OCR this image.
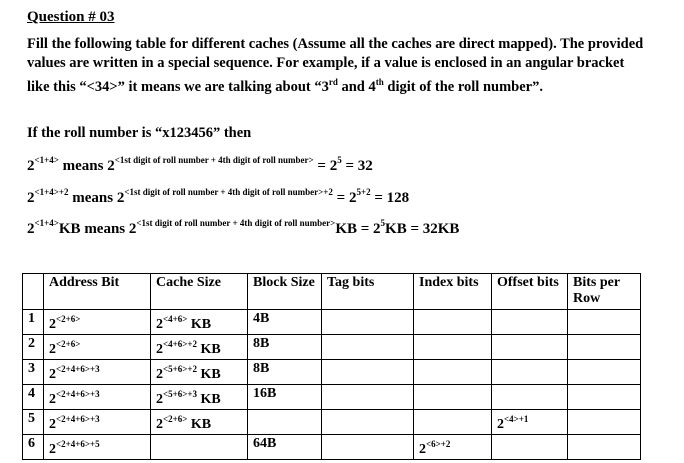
Question # 03
Fill the following table for different caches (Assume all the caches are direct mapped). The provided values are written in a special sequence. For example, if a value is enclosed in an angular bracket like this “<34>” it means we are talking about “3rd and 4th digit of the roll number”.
If the roll number is “x123456” then
$2^{<1+4>}$ means $2^{<1st digit of roll number + 4th digit of roll number>} = 2^5 = 32$
$2^{<1+4>+2}$ means $2^{<1st digit of roll number + 4th digit of roll number>+2} = 2^{5+2} = 128$
$2^{<1+4>}KB$ means $2^{<1st digit of roll number + 4th digit of roll number>}KB = 2^5KB = 32KB$
	Address Bit	Cache Size	Block Size	Tag bits	Index bits	Offset bits	Bits per Row
1	$2^{<2+6>}$	$2^{<4+6>}$ KB	4B				
2	$2^{<2+6>}$	$2^{<4+6>+2}$ KB	8B				
3	$2^{<2+4+6>+3}$	$2^{<5+6>+2}$ KB	8B				
4	$2^{<2+4+6>+3}$	$2^{<5+6>+3}$ KB	16B				
5	$2^{<2+4+6>+3}$	$2^{<2+6>}$ KB				$2^{<4>+1}$	
6	$2^{<2+4+6>+5}$		64B		$2^{<6>+2}$		
